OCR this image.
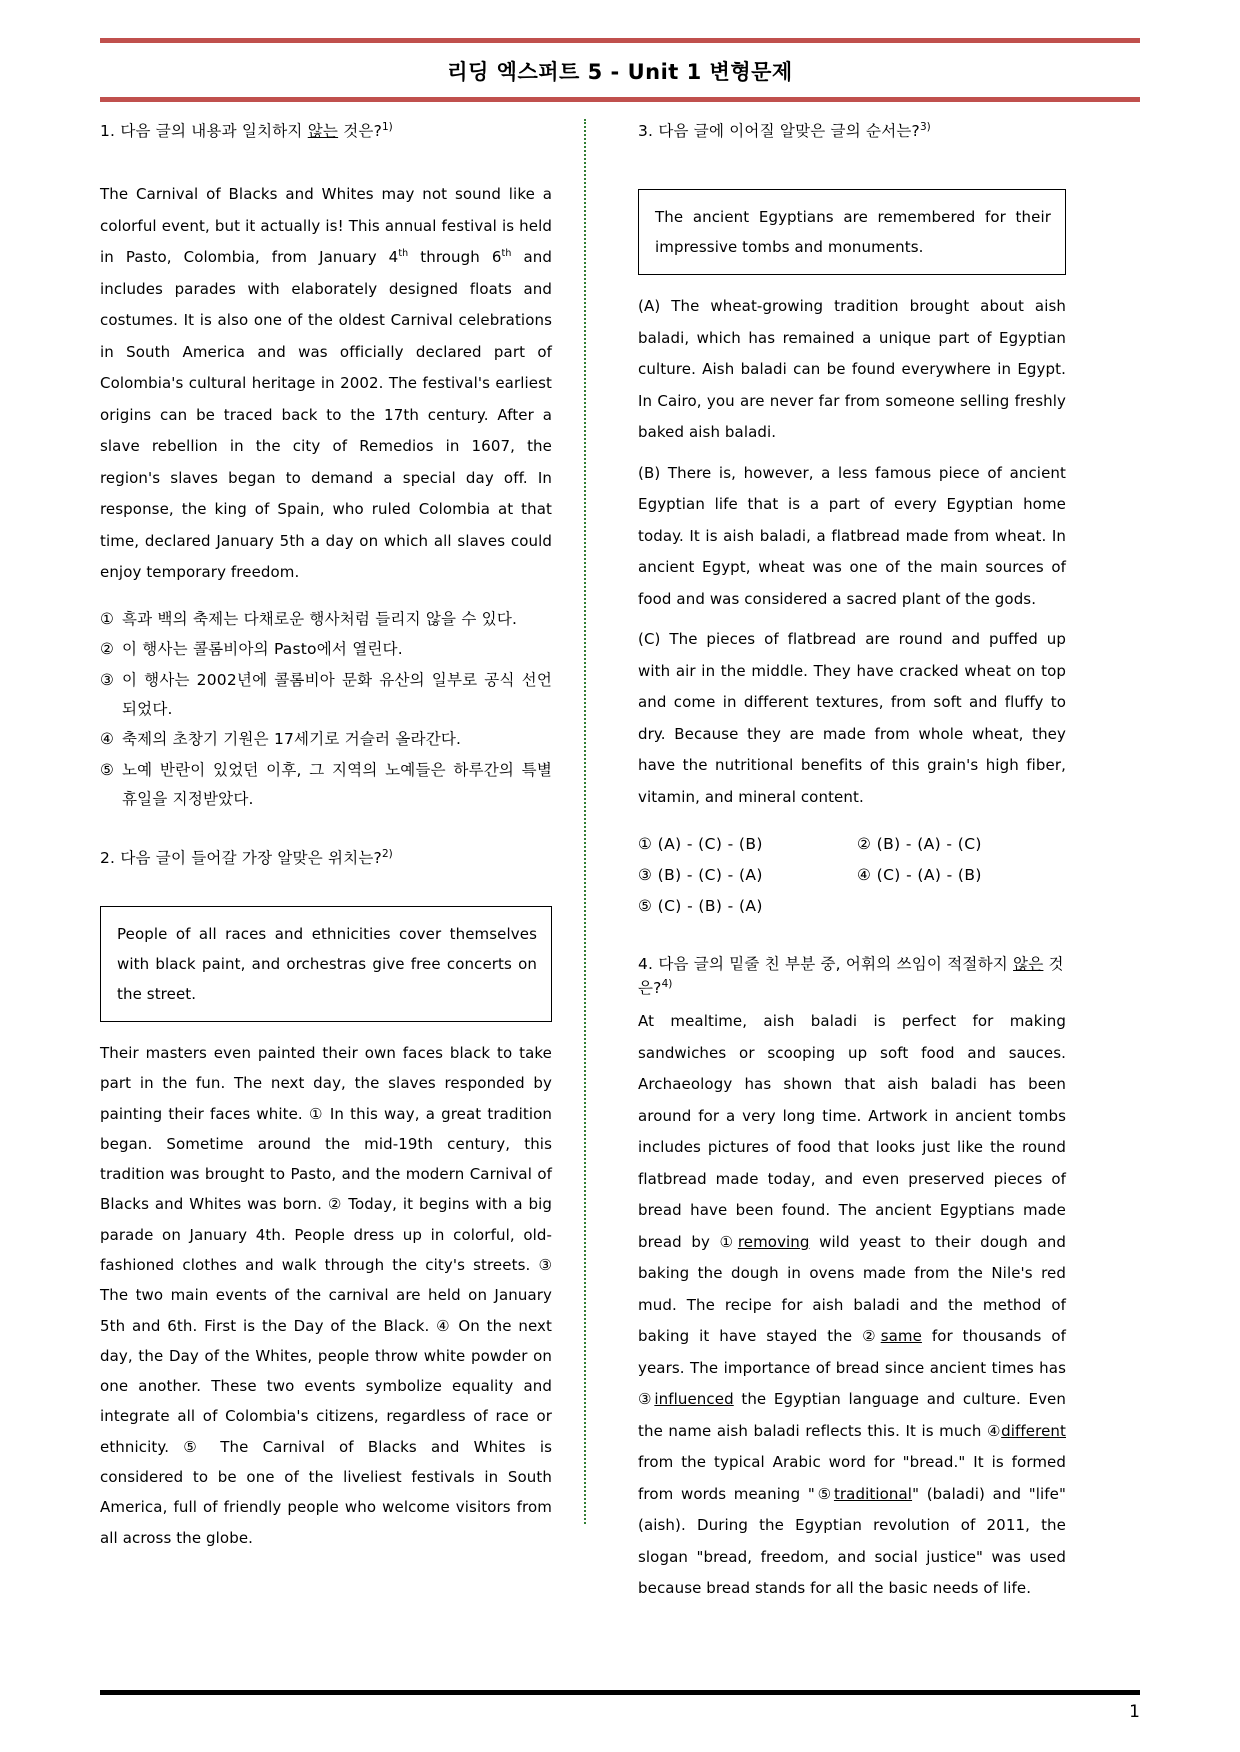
리딩 엑스퍼트 5 - Unit 1 변형문제
1. 다음 글의 내용과 일치하지 않는 것은?$^{1)}$

The Carnival of Blacks and Whites may not sound like a colorful event, but it actually is! This annual festival is held in Pasto, Colombia, from January 4th through 6th and includes parades with elaborately designed floats and costumes. It is also one of the oldest Carnival celebrations in South America and was officially declared part of Colombia's cultural heritage in 2002. The festival's earliest origins can be traced back to the 17th century. After a slave rebellion in the city of Remedios in 1607, the region's slaves began to demand a special day off. In response, the king of Spain, who ruled Colombia at that time, declared January 5th a day on which all slaves could enjoy temporary freedom.

① 흑과 백의 축제는 다채로운 행사처럼 들리지 않을 수 있다.
② 이 행사는 콜롬비아의 Pasto에서 열린다.
③ 이 행사는 2002년에 콜롬비아 문화 유산의 일부로 공식 선언되었다.
④ 축제의 초창기 기원은 17세기로 거슬러 올라간다.
⑤ 노예 반란이 있었던 이후, 그 지역의 노예들은 하루간의 특별 휴일을 지정받았다.
2. 다음 글이 들어갈 가장 알맞은 위치는?$^{2)}$
People of all races and ethnicities cover themselves with black paint, and orchestras give free concerts on the street.

Their masters even painted their own faces black to take part in the fun. The next day, the slaves responded by painting their faces white. ① In this way, a great tradition began. Sometime around the mid-19th century, this tradition was brought to Pasto, and the modern Carnival of Blacks and Whites was born. ② Today, it begins with a big parade on January 4th. People dress up in colorful, old-fashioned clothes and walk through the city's streets. ③ The two main events of the carnival are held on January 5th and 6th. First is the Day of the Black. ④ On the next day, the Day of the Whites, people throw white powder on one another. These two events symbolize equality and integrate all of Colombia's citizens, regardless of race or ethnicity. ⑤ The Carnival of Blacks and Whites is considered to be one of the liveliest festivals in South America, full of friendly people who welcome visitors from all across the globe.

3. 다음 글에 이어질 알맞은 글의 순서는?$^{3)}$
The ancient Egyptians are remembered for their impressive tombs and monuments.

(A) The wheat-growing tradition brought about aish baladi, which has remained a unique part of Egyptian culture. Aish baladi can be found everywhere in Egypt. In Cairo, you are never far from someone selling freshly baked aish baladi.

(B) There is, however, a less famous piece of ancient Egyptian life that is a part of every Egyptian home today. It is aish baladi, a flatbread made from wheat. In ancient Egypt, wheat was one of the main sources of food and was considered a sacred plant of the gods.

(C) The pieces of flatbread are round and puffed up with air in the middle. They have cracked wheat on top and come in different textures, from soft and fluffy to dry. Because they are made from whole wheat, they have the nutritional benefits of this grain's high fiber, vitamin, and mineral content.

① (A) - (C) - (B)	② (B) - (A) - (C)
③ (B) - (C) - (A)	④ (C) - (A) - (B)
⑤ (C) - (B) - (A)
4. 다음 글의 밑줄 친 부분 중, 어휘의 쓰임이 적절하지 않은 것은?$^{4)}$

At mealtime, aish baladi is perfect for making sandwiches or scooping up soft food and sauces. Archaeology has shown that aish baladi has been around for a very long time. Artwork in ancient tombs includes pictures of food that looks just like the round flatbread made today, and even preserved pieces of bread have been found. The ancient Egyptians made bread by ①removing wild yeast to their dough and baking the dough in ovens made from the Nile's red mud. The recipe for aish baladi and the method of baking it have stayed the ②same for thousands of years. The importance of bread since ancient times has ③influenced the Egyptian language and culture. Even the name aish baladi reflects this. It is much ④different from the typical Arabic word for "bread." It is formed from words meaning "⑤traditional" (baladi) and "life" (aish). During the Egyptian revolution of 2011, the slogan "bread, freedom, and social justice" was used because bread stands for all the basic needs of life.

1
